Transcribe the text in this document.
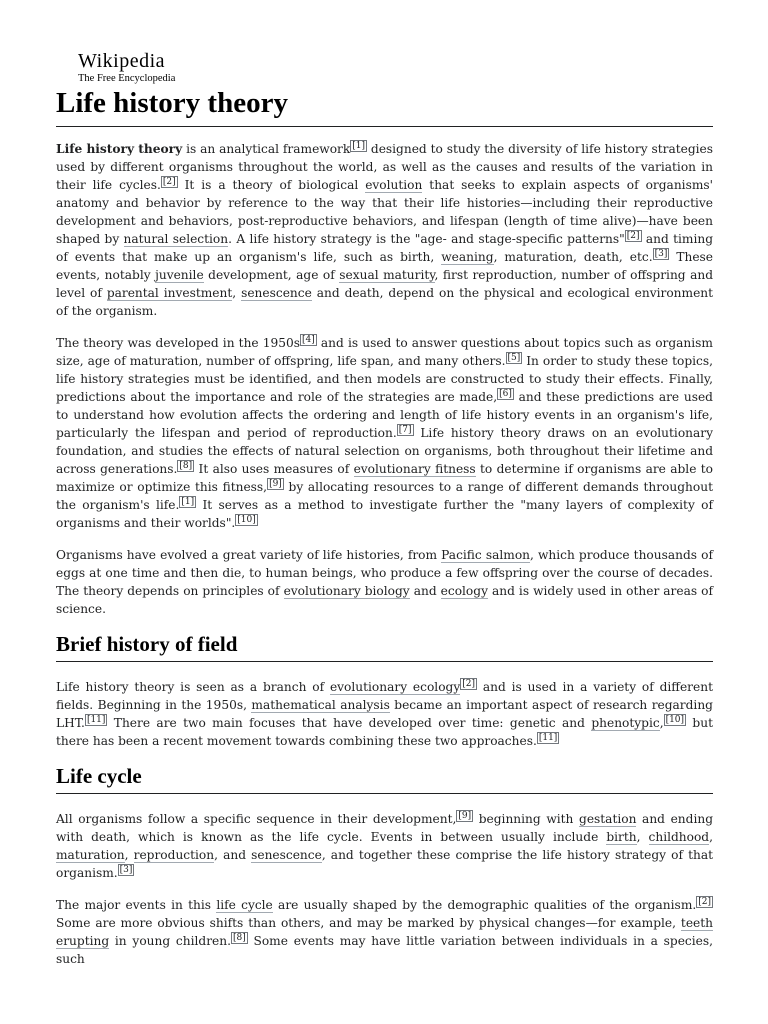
Wikipedia
The Free Encyclopedia
Life history theory

Life history theory is an analytical framework [1] designed to study the diversity of life history strategies used by different organisms throughout the world, as well as the causes and results of the variation in their life cycles. [2] It is a theory of biological evolution that seeks to explain aspects of organisms' anatomy and behavior by reference to the way that their life histories—including their reproductive development and behaviors, post-reproductive behaviors, and lifespan (length of time alive)—have been shaped by natural selection. A life history strategy is the "age- and stage-specific patterns" [2] and timing of events that make up an organism's life, such as birth, weaning, maturation, death, etc. [3] These events, notably juvenile development, age of sexual maturity, first reproduction, number of offspring and level of parental investment, senescence and death, depend on the physical and ecological environment of the organism.

The theory was developed in the 1950s [4] and is used to answer questions about topics such as organism size, age of maturation, number of offspring, life span, and many others. [5] In order to study these topics, life history strategies must be identified, and then models are constructed to study their effects. Finally, predictions about the importance and role of the strategies are made, [6] and these predictions are used to understand how evolution affects the ordering and length of life history events in an organism's life, particularly the lifespan and period of reproduction. [7] Life history theory draws on an evolutionary foundation, and studies the effects of natural selection on organisms, both throughout their lifetime and across generations. [8] It also uses measures of evolutionary fitness to determine if organisms are able to maximize or optimize this fitness, [9] by allocating resources to a range of different demands throughout the organism's life. [1] It serves as a method to investigate further the "many layers of complexity of organisms and their worlds". [10]

Organisms have evolved a great variety of life histories, from Pacific salmon, which produce thousands of eggs at one time and then die, to human beings, who produce a few offspring over the course of decades. The theory depends on principles of evolutionary biology and ecology and is widely used in other areas of science.

Brief history of field

Life history theory is seen as a branch of evolutionary ecology [2] and is used in a variety of different fields. Beginning in the 1950s, mathematical analysis became an important aspect of research regarding LHT. [11] There are two main focuses that have developed over time: genetic and phenotypic, [10] but there has been a recent movement towards combining these two approaches. [11]

Life cycle

All organisms follow a specific sequence in their development, [9] beginning with gestation and ending with death, which is known as the life cycle. Events in between usually include birth, childhood, maturation, reproduction, and senescence, and together these comprise the life history strategy of that organism. [3]

The major events in this life cycle are usually shaped by the demographic qualities of the organism. [2] Some are more obvious shifts than others, and may be marked by physical changes—for example, teeth erupting in young children. [8] Some events may have little variation between individuals in a species, such
